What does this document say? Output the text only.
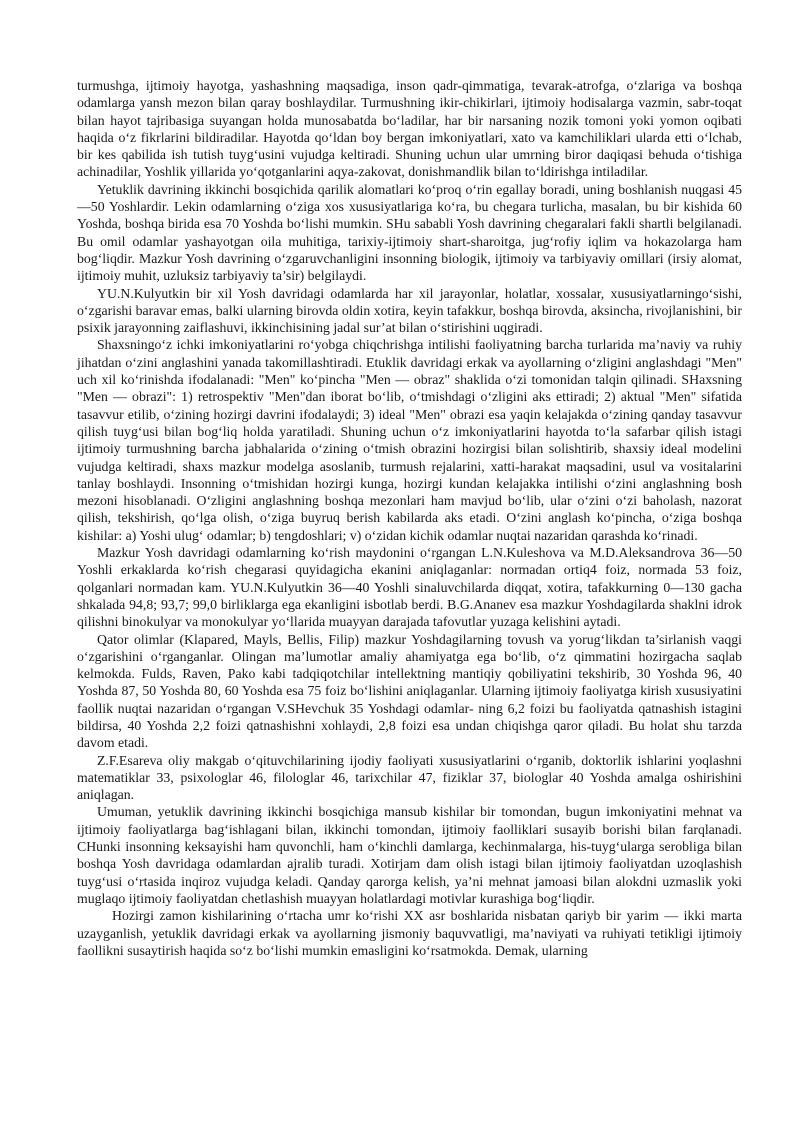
turmushga, ijtimoiy hayotga, yashashning maqsadiga, inson qadr-qimmatiga, tevarak-atrofga, o‘zlariga va boshqa odamlarga yansh mezon bilan qaray boshlaydilar. Turmushning ikir-chikirlari, ijtimoiy hodisalarga vazmin, sabr-toqat bilan hayot tajribasiga suyangan holda munosabatda bo‘ladilar, har bir narsaning nozik tomoni yoki yomon oqibati haqida o‘z fikrlarini bildiradilar. Hayotda qo‘ldan boy bergan imkoniyatlari, xato va kamchiliklari ularda etti o‘lchab, bir kes qabilida ish tutish tuyg‘usini vujudga keltiradi. Shuning uchun ular umrning biror daqiqasi behuda o‘tishiga achinadilar, Yoshlik yillarida yo‘qotganlarini aqya-zakovat, donishmandlik bilan to‘ldirishga intiladilar.

Yetuklik davrining ikkinchi bosqichida qarilik alomatlari ko‘proq o‘rin egallay boradi, uning boshlanish nuqgasi 45—50 Yoshlardir. Lekin odamlarning o‘ziga xos xususiyatlariga ko‘ra, bu chegara turlicha, masalan, bu bir kishida 60 Yoshda, boshqa birida esa 70 Yoshda bo‘lishi mumkin. SHu sababli Yosh davrining chegaralari fakli shartli belgilanadi. Bu omil odamlar yashayotgan oila muhitiga, tarixiy-ijtimoiy shart-sharoitga, jug‘rofiy iqlim va hokazolarga ham bog‘liqdir. Mazkur Yosh davrining o‘zgaruvchanligini insonning biologik, ijtimoiy va tarbiyaviy omillari (irsiy alomat, ijtimoiy muhit, uzluksiz tarbiyaviy ta’sir) belgilaydi.

YU.N.Kulyutkin bir xil Yosh davridagi odamlarda har xil jarayonlar, holatlar, xossalar, xususiyatlarningo‘sishi, o‘zgarishi baravar emas, balki ularning birovda oldin xotira, keyin tafakkur, boshqa birovda, aksincha, rivojlanishini, bir psixik jarayonning zaiflashuvi, ikkinchisining jadal sur’at bilan o‘stirishini uqgiradi.

Shaxsningo‘z ichki imkoniyatlarini ro‘yobga chiqchrishga intilishi faoliyatning barcha turlarida ma’naviy va ruhiy jihatdan o‘zini anglashini yanada takomillashtiradi. Etuklik davridagi erkak va ayollarning o‘zligini anglashdagi "Men" uch xil ko‘rinishda ifodalanadi: "Men" ko‘pincha "Men — obraz" shaklida o‘zi tomonidan talqin qilinadi. SHaxsning "Men — obrazi": 1) retrospektiv "Men"dan iborat bo‘lib, o‘tmishdagi o‘zligini aks ettiradi; 2) aktual "Men" sifatida tasavvur etilib, o‘zining hozirgi davrini ifodalaydi; 3) ideal "Men" obrazi esa yaqin kelajakda o‘zining qanday tasavvur qilish tuyg‘usi bilan bog‘liq holda yaratiladi. Shuning uchun o‘z imkoniyatlarini hayotda to‘la safarbar qilish istagi ijtimoiy turmushning barcha jabhalarida o‘zining o‘tmish obrazini hozirgisi bilan solishtirib, shaxsiy ideal modelini vujudga keltiradi, shaxs mazkur modelga asoslanib, turmush rejalarini, xatti-harakat maqsadini, usul va vositalarini tanlay boshlaydi. Insonning o‘tmishidan hozirgi kunga, hozirgi kundan kelajakka intilishi o‘zini anglashning bosh mezoni hisoblanadi. O‘zligini anglashning boshqa mezonlari ham mavjud bo‘lib, ular o‘zini o‘zi baholash, nazorat qilish, tekshirish, qo‘lga olish, o‘ziga buyruq berish kabilarda aks etadi. O‘zini anglash ko‘pincha, o‘ziga boshqa kishilar: a) Yoshi ulug‘ odamlar; b) tengdoshlari; v) o‘zidan kichik odamlar nuqtai nazaridan qarashda ko‘rinadi.

Mazkur Yosh davridagi odamlarning ko‘rish maydonini o‘rgangan L.N.Kuleshova va M.D.Aleksandrova 36—50 Yoshli erkaklarda ko‘rish chegarasi quyidagicha ekanini aniqlaganlar: normadan ortiq4 foiz, normada 53 foiz, qolganlari normadan kam. YU.N.Kulyutkin 36—40 Yoshli sinaluvchilarda diqqat, xotira, tafakkurning 0—130 gacha shkalada 94,8; 93,7; 99,0 birliklarga ega ekanligini isbotlab berdi. B.G.Ananev esa mazkur Yoshdagilarda shaklni idrok qilishni binokulyar va monokulyar yo‘llarida muayyan darajada tafovutlar yuzaga kelishini aytadi.

Qator olimlar (Klapared, Mayls, Bellis, Filip) mazkur Yoshdagilarning tovush va yorug‘likdan ta’sirlanish vaqgi o‘zgarishini o‘rganganlar. Olingan ma’lumotlar amaliy ahamiyatga ega bo‘lib, o‘z qimmatini hozirgacha saqlab kelmokda. Fulds, Raven, Pako kabi tadqiqotchilar intellektning mantiqiy qobiliyatini tekshirib, 30 Yoshda 96, 40 Yoshda 87, 50 Yoshda 80, 60 Yoshda esa 75 foiz bo‘lishini aniqlaganlar. Ularning ijtimoiy faoliyatga kirish xususiyatini faollik nuqtai nazaridan o‘rgangan V.SHevchuk 35 Yoshdagi odamlar- ning 6,2 foizi bu faoliyatda qatnashish istagini bildirsa, 40 Yoshda 2,2 foizi qatnashishni xohlaydi, 2,8 foizi esa undan chiqishga qaror qiladi. Bu holat shu tarzda davom etadi.

Z.F.Esareva oliy makgab o‘qituvchilarining ijodiy faoliyati xususiyatlarini o‘rganib, doktorlik ishlarini yoqlashni matematiklar 33, psixologlar 46, filologlar 46, tarixchilar 47, fiziklar 37, biologlar 40 Yoshda amalga oshirishini aniqlagan.

Umuman, yetuklik davrining ikkinchi bosqichiga mansub kishilar bir tomondan, bugun imkoniyatini mehnat va ijtimoiy faoliyatlarga bag‘ishlagani bilan, ikkinchi tomondan, ijtimoiy faolliklari susayib borishi bilan farqlanadi. CHunki insonning keksayishi ham quvonchli, ham o‘kinchli damlarga, kechinmalarga, his-tuyg‘ularga serobliga bilan boshqa Yosh davridaga odamlardan ajralib turadi. Xotirjam dam olish istagi bilan ijtimoiy faoliyatdan uzoqlashish tuyg‘usi o‘rtasida inqiroz vujudga keladi. Qanday qarorga kelish, ya’ni mehnat jamoasi bilan alokdni uzmaslik yoki muglaqo ijtimoiy faoliyatdan chetlashish muayyan holatlardagi motivlar kurashiga bog‘liqdir.

Hozirgi zamon kishilarining o‘rtacha umr ko‘rishi XX asr boshlarida nisbatan qariyb bir yarim — ikki marta uzayganlish, yetuklik davridagi erkak va ayollarning jismoniy baquvvatligi, ma’naviyati va ruhiyati tetikligi ijtimoiy faollikni susaytirish haqida so‘z bo‘lishi mumkin emasligini ko‘rsatmokda. Demak, ularning
